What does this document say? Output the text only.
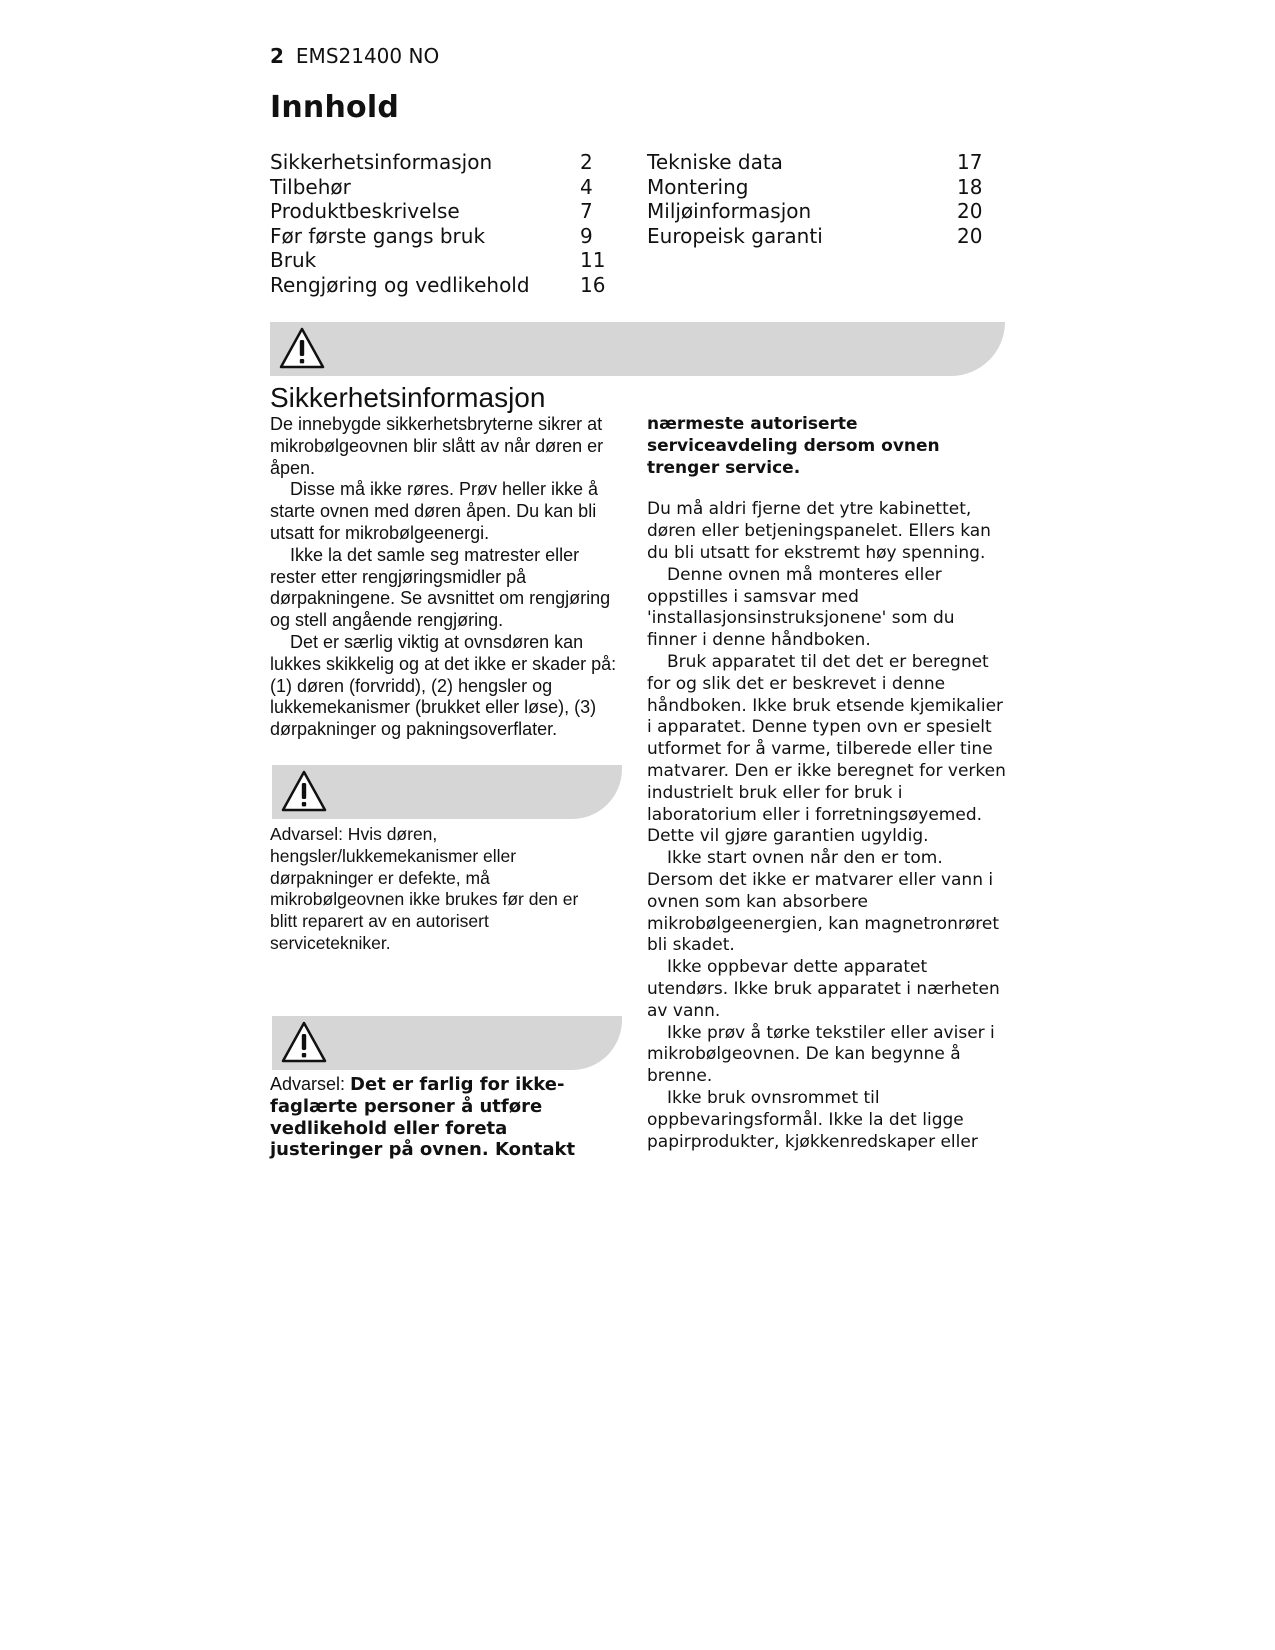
2 EMS21400 NO
Innhold
Sikkerhetsinformasjon	2
Tilbehør	4
Produktbeskrivelse	7
Før første gangs bruk	9
Bruk	11
Rengjøring og vedlikehold	16
Tekniske data	17
Montering	18
Miljøinformasjon	20
Europeisk garanti	20
Sikkerhetsinformasjon

De innebygde sikkerhetsbryterne sikrer at mikrobølgeovnen blir slått av når døren er åpen.

Disse må ikke røres. Prøv heller ikke å starte ovnen med døren åpen. Du kan bli utsatt for mikrobølgeenergi.

Ikke la det samle seg matrester eller rester etter rengjøringsmidler på dørpakningene. Se avsnittet om rengjøring og stell angående rengjøring.

Det er særlig viktig at ovnsdøren kan lukkes skikkelig og at det ikke er skader på: (1) døren (forvridd), (2) hengsler og lukkemekanismer (brukket eller løse), (3) dørpakninger og pakningsoverflater.

Advarsel: Hvis døren, hengsler/lukkemekanismer eller dørpakninger er defekte, må mikrobølgeovnen ikke brukes før den er blitt reparert av en autorisert servicetekniker.
Advarsel: Det er farlig for ikke-faglærte personer å utføre vedlikehold eller foreta justeringer på ovnen. Kontakt

nærmeste autoriserte serviceavdeling dersom ovnen trenger service.

Du må aldri fjerne det ytre kabinettet, døren eller betjeningspanelet. Ellers kan du bli utsatt for ekstremt høy spenning.

Denne ovnen må monteres eller oppstilles i samsvar med 'installasjonsinstruksjonene' som du finner i denne håndboken.

Bruk apparatet til det det er beregnet for og slik det er beskrevet i denne håndboken. Ikke bruk etsende kjemikalier i apparatet. Denne typen ovn er spesielt utformet for å varme, tilberede eller tine matvarer. Den er ikke beregnet for verken industrielt bruk eller for bruk i laboratorium eller i forretningsøyemed. Dette vil gjøre garantien ugyldig.

Ikke start ovnen når den er tom. Dersom det ikke er matvarer eller vann i ovnen som kan absorbere mikrobølgeenergien, kan magnetronrøret bli skadet.

Ikke oppbevar dette apparatet utendørs. Ikke bruk apparatet i nærheten av vann.

Ikke prøv å tørke tekstiler eller aviser i mikrobølgeovnen. De kan begynne å brenne.

Ikke bruk ovnsrommet til oppbevaringsformål. Ikke la det ligge papirprodukter, kjøkkenredskaper eller
